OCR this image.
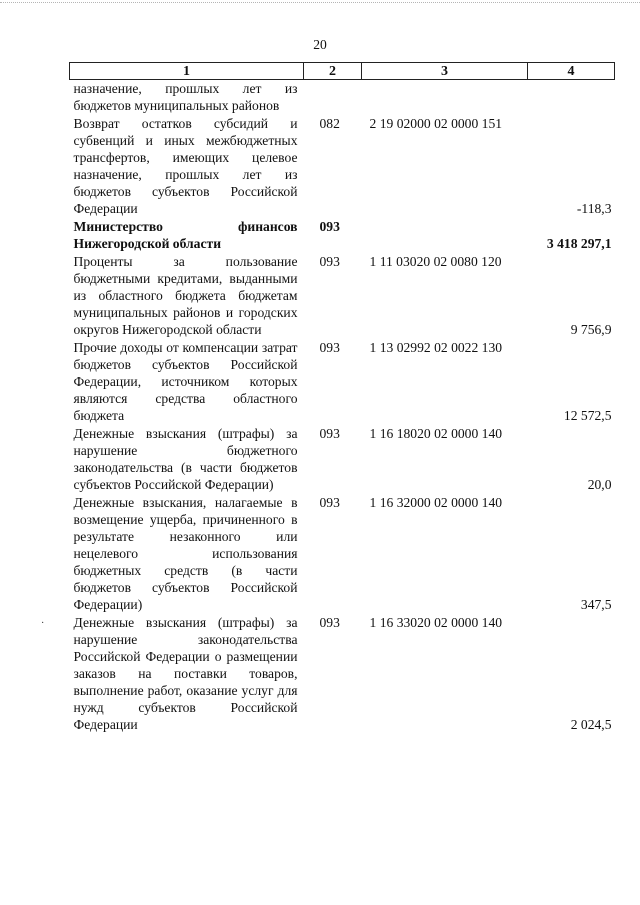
20
1	2	3	4
назначение, прошлых лет из бюджетов муниципальных районов			
Возврат остатков субсидий и субвенций и иных межбюджетных трансфертов, имеющих целевое назначение, прошлых лет из бюджетов субъектов Российской Федерации	082	2 19 02000 02 0000 151	-118,3
Министерство финансов Нижегородской области	093		3 418 297,1
Проценты за пользование бюджетными кредитами, выданными из областного бюджета бюджетам муниципальных районов и городских округов Нижегородской области	093	1 11 03020 02 0080 120	9 756,9
Прочие доходы от компенсации затрат бюджетов субъектов Российской Федерации, источником которых являются средства областного бюджета	093	1 13 02992 02 0022 130	12 572,5
Денежные взыскания (штрафы) за нарушение бюджетного законодательства (в части бюджетов субъектов Российской Федерации)	093	1 16 18020 02 0000 140	20,0
Денежные взыскания, налагаемые в возмещение ущерба, причиненного в результате незаконного или нецелевого использования бюджетных средств (в части бюджетов субъектов Российской Федерации)	093	1 16 32000 02 0000 140	347,5
Денежные взыскания (штрафы) за нарушение законодательства Российской Федерации о размещении заказов на поставки товаров, выполнение работ, оказание услуг для нужд субъектов Российской Федерации	093	1 16 33020 02 0000 140	2 024,5
·
